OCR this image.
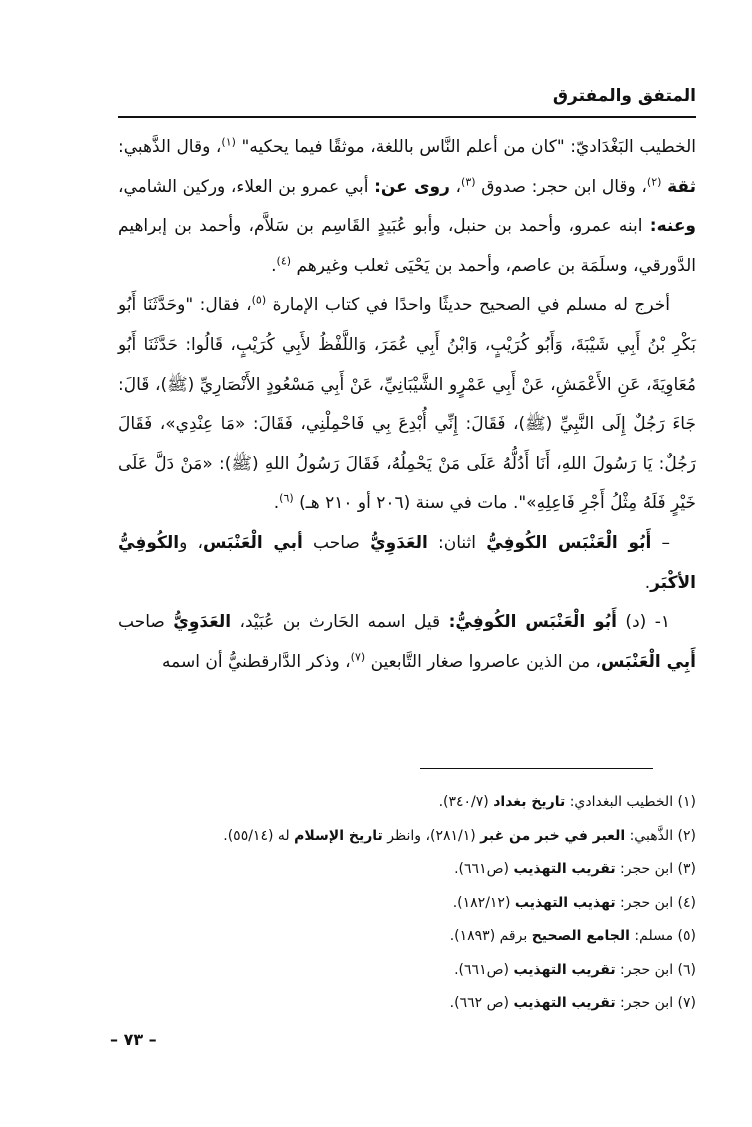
المتفق والمفترق

الخطيب البَغْدَاديّ: "كان من أعلم النَّاس باللغة، موثقًا فيما يحكيه" $^{(١)}$، وقال الذَّهبي: ثقة $^{(٢)}$، وقال ابن حجر: صدوق $^{(٣)}$، روى عن: أبي عمرو بن العلاء، وركين الشامي، وعنه: ابنه عمرو، وأحمد بن حنبل، وأبو عُبَيدٍ القَاسِم بن سَلاَّم، وأحمد بن إبراهيم الدَّورقي، وسلَمَة بن عاصم، وأحمد بن يَحْيَى ثعلب وغيرهم $^{(٤)}$.

أخرج له مسلم في الصحيح حديثًا واحدًا في كتاب الإمارة $^{(٥)}$، فقال: "وحَدَّثَنَا أَبُو بَكْرِ بْنُ أَبِي شَيْبَةَ، وَأَبُو كُرَيْبٍ، وَابْنُ أَبِي عُمَرَ، وَاللَّفْظُ لأَبِي كُرَيْبٍ، قَالُوا: حَدَّثَنَا أَبُو مُعَاوِيَةَ، عَنِ الأَعْمَشِ، عَنْ أَبِي عَمْرٍو الشَّيْبَانِيِّ، عَنْ أَبِي مَسْعُودٍ الأَنْصَارِيِّ (ﷺ)، قَالَ: جَاءَ رَجُلٌ إِلَى النَّبِيِّ (ﷺ)، فَقَالَ: إِنِّي أُبْدِعَ بِي فَاحْمِلْنِي، فَقَالَ: «مَا عِنْدِي»، فَقَالَ رَجُلٌ: يَا رَسُولَ اللهِ، أَنَا أَدُلُّهُ عَلَى مَنْ يَحْمِلُهُ، فَقَالَ رَسُولُ اللهِ (ﷺ): «مَنْ دَلَّ عَلَى خَيْرٍ فَلَهُ مِثْلُ أَجْرِ فَاعِلِهِ»". مات في سنة (٢٠٦ أو ٢١٠ هـ) $^{(٦)}$.

– أَبُو الْعَنْبَس الكُوفِيُّ اثنان: العَدَوِيُّ صاحب أبي الْعَنْبَس، والكُوفِيُّ الأكْبَر.

١- (د) أَبُو الْعَنْبَس الكُوفِيُّ: قيل اسمه الحَارث بن عُبَيْد، العَدَوِيُّ صاحب أَبِي الْعَنْبَس، من الذين عاصروا صغار التَّابعين $^{(٧)}$، وذكر الدَّارقطنيُّ أن اسمه

(١) الخطيب البغدادي: تاريخ بغداد (٣٤٠/٧).
(٢) الذَّهبي: العبر في خبر من غبر (٢٨١/١)، وانظر تاريخ الإسلام له (٥٥/١٤).
(٣) ابن حجر: تقريب التهذيب (ص٦٦١).
(٤) ابن حجر: تهذيب التهذيب (١٨٢/١٢).
(٥) مسلم: الجامع الصحيح برقم (١٨٩٣).
(٦) ابن حجر: تقريب التهذيب (ص٦٦١).
(٧) ابن حجر: تقريب التهذيب (ص ٦٦٢).
– ٧٣ –
